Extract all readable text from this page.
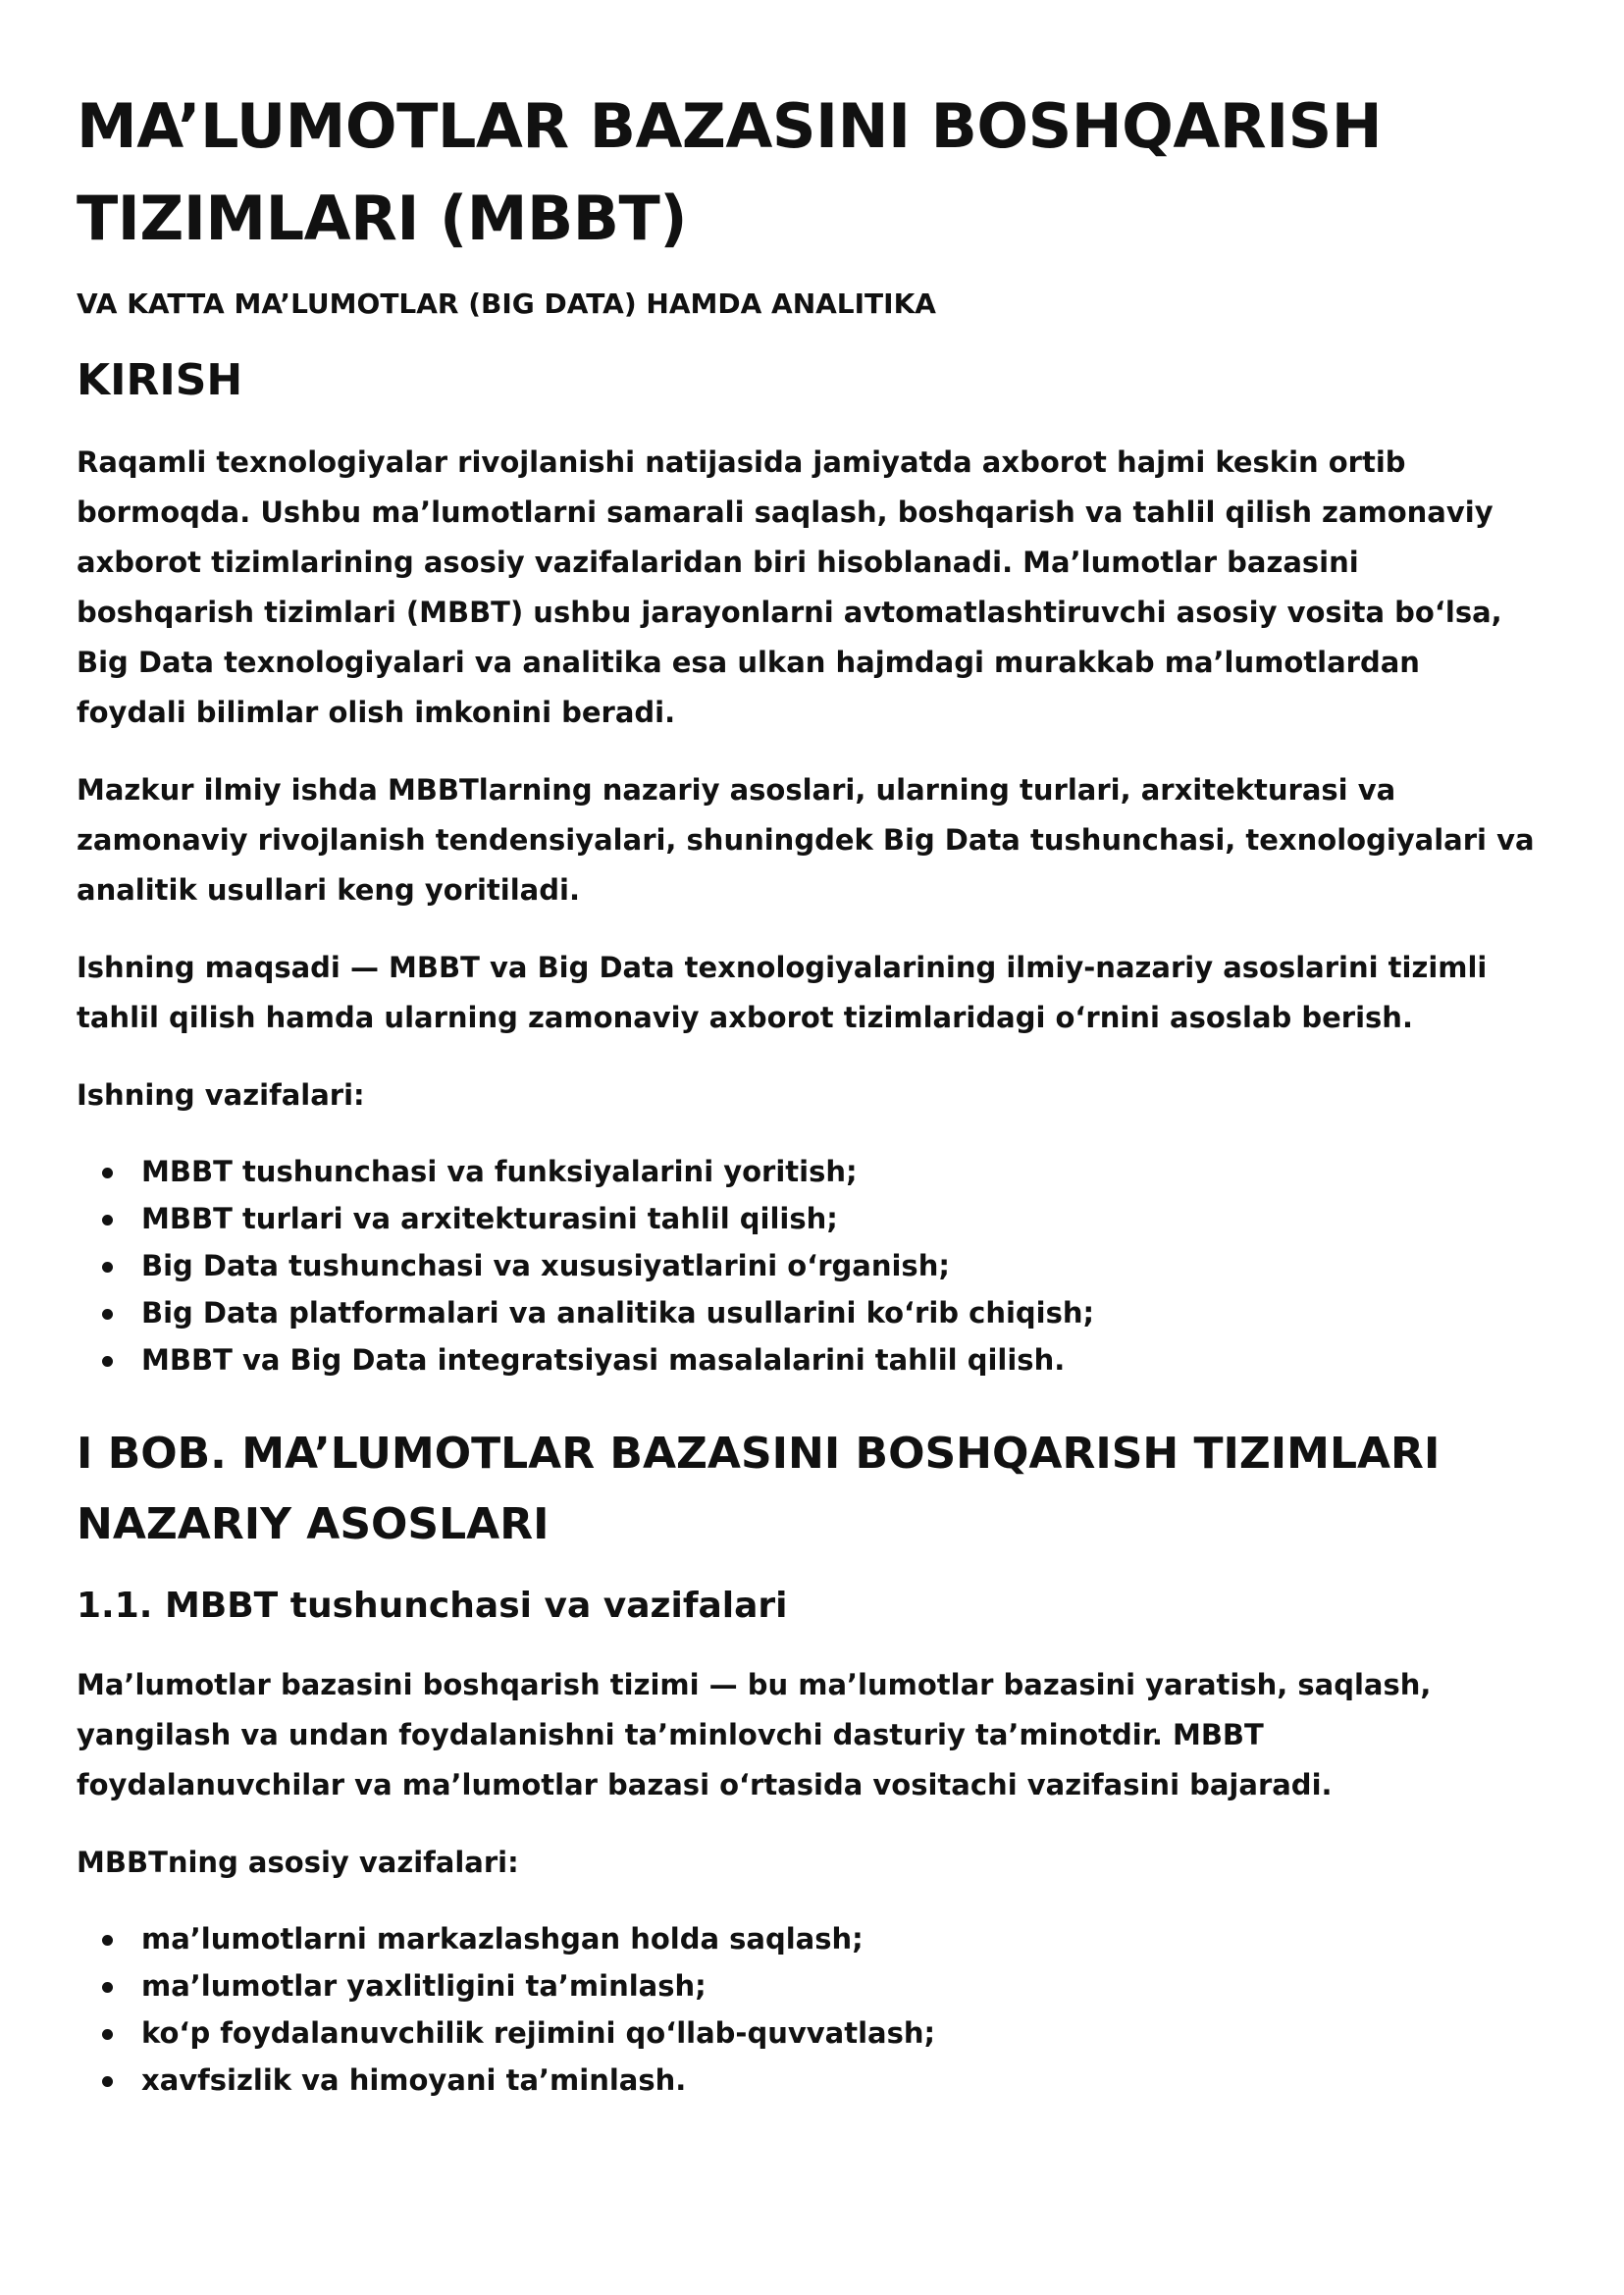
MA’LUMOTLAR BAZASINI BOSHQARISH TIZIMLARI (MBBT)
VA KATTA MA’LUMOTLAR (BIG DATA) HAMDA ANALITIKA
KIRISH

Raqamli texnologiyalar rivojlanishi natijasida jamiyatda axborot hajmi keskin ortib bormoqda. Ushbu ma’lumotlarni samarali saqlash, boshqarish va tahlil qilish zamonaviy axborot tizimlarining asosiy vazifalaridan biri hisoblanadi. Ma’lumotlar bazasini boshqarish tizimlari (MBBT) ushbu jarayonlarni avtomatlashtiruvchi asosiy vosita bo‘lsa, Big Data texnologiyalari va analitika esa ulkan hajmdagi murakkab ma’lumotlardan foydali bilimlar olish imkonini beradi.

Mazkur ilmiy ishda MBBTlarning nazariy asoslari, ularning turlari, arxitekturasi va zamonaviy rivojlanish tendensiyalari, shuningdek Big Data tushunchasi, texnologiyalari va analitik usullari keng yoritiladi.

Ishning maqsadi — MBBT va Big Data texnologiyalarining ilmiy-nazariy asoslarini tizimli tahlil qilish hamda ularning zamonaviy axborot tizimlaridagi o‘rnini asoslab berish.

Ishning vazifalari:

MBBT tushunchasi va funksiyalarini yoritish;
MBBT turlari va arxitekturasini tahlil qilish;
Big Data tushunchasi va xususiyatlarini o‘rganish;
Big Data platformalari va analitika usullarini ko‘rib chiqish;
MBBT va Big Data integratsiyasi masalalarini tahlil qilish.
I BOB. MA’LUMOTLAR BAZASINI BOSHQARISH TIZIMLARI NAZARIY ASOSLARI
1.1. MBBT tushunchasi va vazifalari

Ma’lumotlar bazasini boshqarish tizimi — bu ma’lumotlar bazasini yaratish, saqlash, yangilash va undan foydalanishni ta’minlovchi dasturiy ta’minotdir. MBBT foydalanuvchilar va ma’lumotlar bazasi o‘rtasida vositachi vazifasini bajaradi.

MBBTning asosiy vazifalari:

ma’lumotlarni markazlashgan holda saqlash;
ma’lumotlar yaxlitligini ta’minlash;
ko‘p foydalanuvchilik rejimini qo‘llab-quvvatlash;
xavfsizlik va himoyani ta’minlash.
